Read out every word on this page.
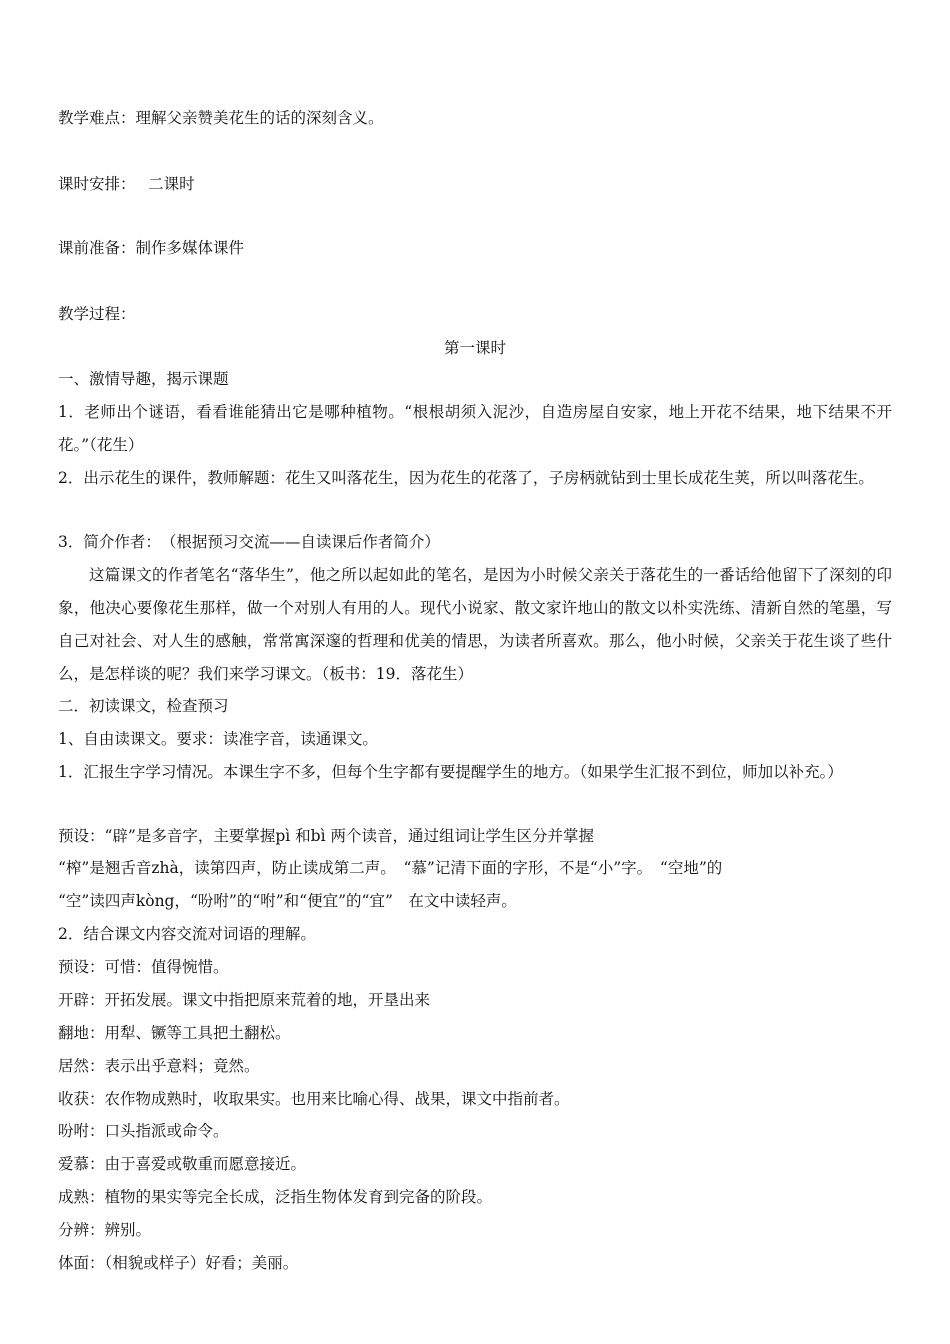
教学难点：理解父亲赞美花生的话的深刻含义。
课时安排：　 二课时
课前准备：制作多媒体课件
教学过程：
第一课时
一、激情导趣，揭示课题
1．老师出个谜语，看看谁能猜出它是哪种植物。“根根胡须入泥沙，自造房屋自安家，地上开花不结果，地下结果不开花。”（花生）
2．出示花生的课件，教师解题：花生又叫落花生，因为花生的花落了，子房柄就钻到士里长成花生荚，所以叫落花生。
3．简介作者：　（根据预习交流——自读课后作者简介）
这篇课文的作者笔名“落华生”，他之所以起如此的笔名，是因为小时候父亲关于落花生的一番话给他留下了深刻的印象，他决心要像花生那样，做一个对别人有用的人。现代小说家、散文家许地山的散文以朴实洗练、清新自然的笔墨，写自己对社会、对人生的感触，常常寓深邃的哲理和优美的情思，为读者所喜欢。那么，他小时候，父亲关于花生谈了些什么，是怎样谈的呢？我们来学习课文。（板书：19．落花生）
二．初读课文，检查预习
1、自由读课文。要求：读准字音，读通课文。
1．汇报生字学习情况。本课生字不多，但每个生字都有要提醒学生的地方。（如果学生汇报不到位，师加以补充。）
预设：“辟”是多音字，主要掌握pì 和bì 两个读音，通过组词让学生区分并掌握
“榨”是翘舌音zhà，读第四声，防止读成第二声。　“慕”记清下面的字形，不是“小”字。　“空地”的
“空”读四声kòng，“吩咐”的“咐”和“便宜”的“宜”　在文中读轻声。
2．结合课文内容交流对词语的理解。
预设：可惜：值得惋惜。
开辟：开拓发展。课文中指把原来荒着的地，开垦出来
翻地：用犁、镢等工具把土翻松。
居然：表示出乎意料；竟然。
收获：农作物成熟时，收取果实。也用来比喻心得、战果，课文中指前者。
吩咐：口头指派或命令。
爱慕：由于喜爱或敬重而愿意接近。
成熟：植物的果实等完全长成，泛指生物体发育到完备的阶段。
分辨：辨别。
体面：（相貌或样子）好看；美丽。
